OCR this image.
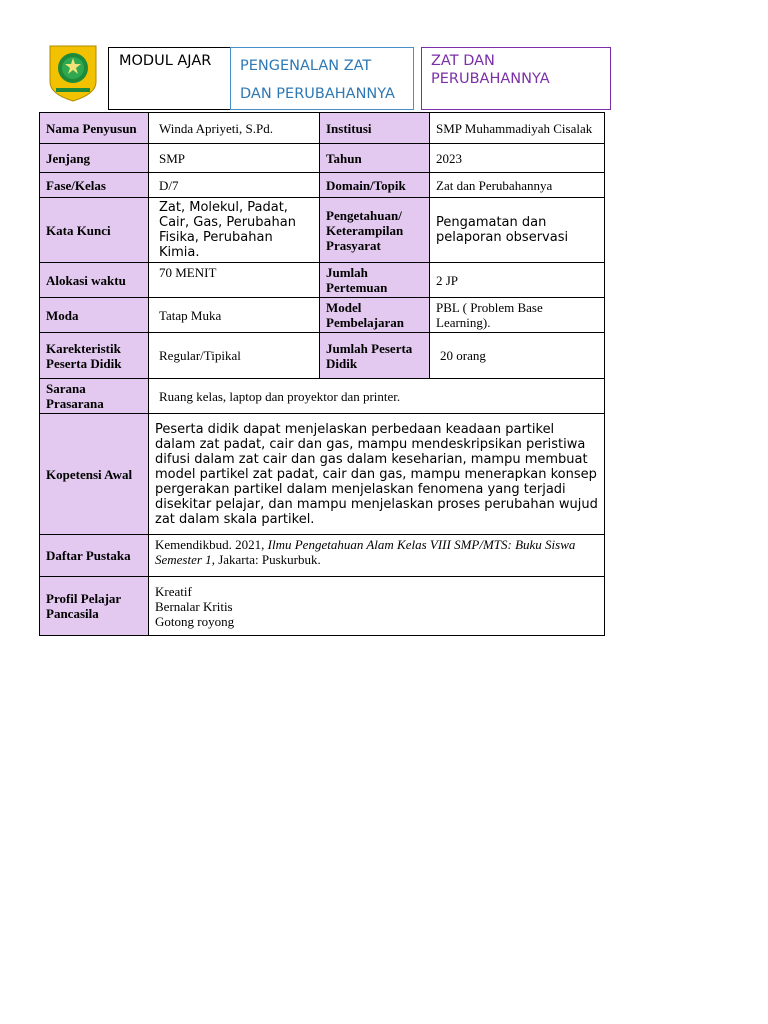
MODUL AJAR	PENGENALAN ZAT DAN PERUBAHANNYA
ZAT DAN PERUBAHANNYA
Nama Penyusun	Winda Apriyeti, S.Pd.	Institusi	SMP Muhammadiyah Cisalak
Jenjang	SMP	Tahun	2023
Fase/Kelas	D/7	Domain/Topik	Zat dan Perubahannya
Kata Kunci	Zat, Molekul, Padat, Cair, Gas, Perubahan Fisika, Perubahan Kimia.	Pengetahuan/ Keterampilan Prasyarat	Pengamatan dan pelaporan observasi
Alokasi waktu	70 MENIT	Jumlah Pertemuan	2 JP
Moda	Tatap Muka	Model Pembelajaran	PBL ( Problem Base Learning).
Karekteristik Peserta Didik	Regular/Tipikal	Jumlah Peserta Didik	20 orang
Sarana Prasarana	Ruang kelas, laptop dan proyektor dan printer.		
Kopetensi Awal	Peserta didik dapat menjelaskan perbedaan keadaan partikel dalam zat padat, cair dan gas, mampu mendeskripsikan peristiwa difusi dalam zat cair dan gas dalam keseharian, mampu membuat model partikel zat padat, cair dan gas, mampu menerapkan konsep pergerakan partikel dalam menjelaskan fenomena yang terjadi disekitar pelajar, dan mampu menjelaskan proses perubahan wujud zat dalam skala partikel.		
Daftar Pustaka	Kemendikbud. 2021, Ilmu Pengetahuan Alam Kelas VIII SMP/MTS: Buku Siswa Semester 1, Jakarta: Puskurbuk.		
Profil Pelajar Pancasila	Kreatif
Bernalar Kritis
Gotong royong		
